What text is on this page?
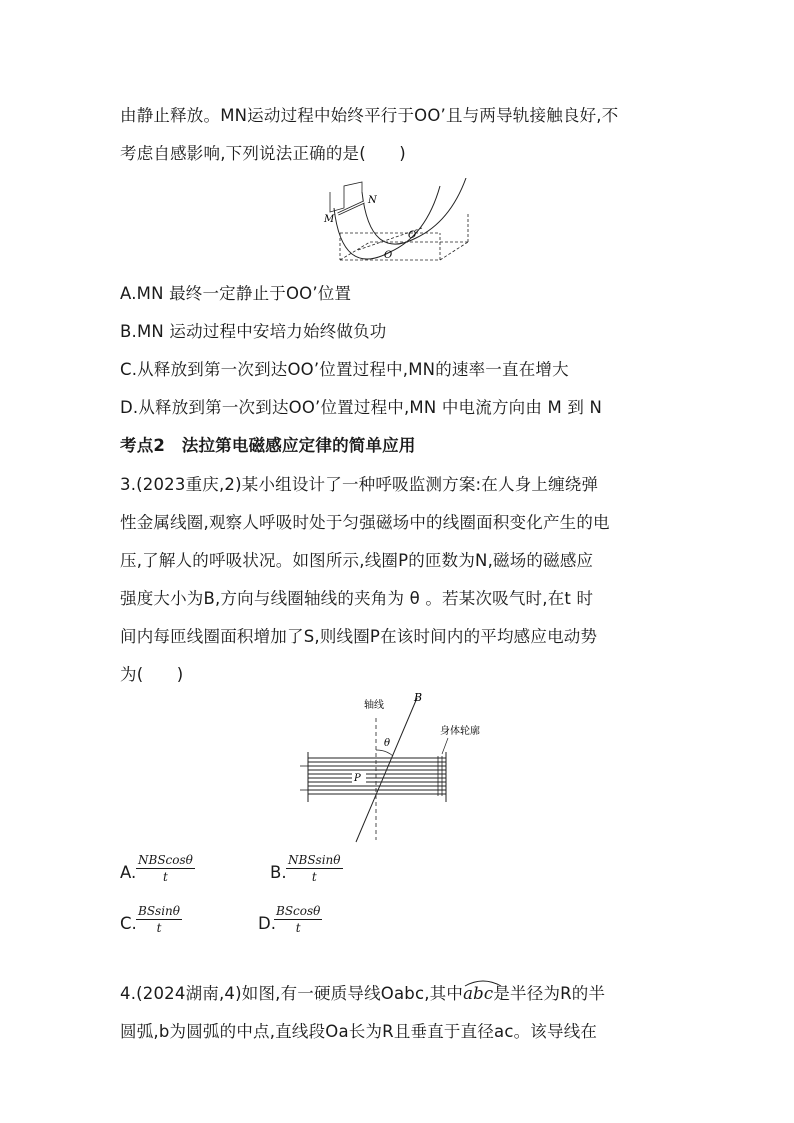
由静止释放。MN运动过程中始终平行于OO’且与两导轨接触良好,不
考虑自感影响,下列说法正确的是(　　)
M
N
O′
O
A.MN 最终一定静止于OO’位置
B.MN 运动过程中安培力始终做负功
C.从释放到第一次到达OO’位置过程中,MN的速率一直在增大
D.从释放到第一次到达OO’位置过程中,MN 中电流方向由 M 到 N
考点2　法拉第电磁感应定律的简单应用
3.(2023重庆,2)某小组设计了一种呼吸监测方案:在人身上缠绕弹
性金属线圈,观察人呼吸时处于匀强磁场中的线圈面积变化产生的电
压,了解人的呼吸状况。如图所示,线圈P的匝数为N,磁场的磁感应
强度大小为B,方向与线圈轴线的夹角为 θ 。若某次吸气时,在t 时
间内每匝线圈面积增加了S,则线圈P在该时间内的平均感应电动势
为(　　)
轴线
B
θ
身体轮廓
P
A.
NBScosθ
t	B.
NBSsinθ
t
C. $\frac{BSsin\theta}{t}$	D.
$\frac{BScos\theta}{t}$
4.(2024湖南,4)如图,有一硬质导线Oabc,其中
abc是半径为R的半
圆弧,b为圆弧的中点,直线段Oa长为R且垂直于直径ac。该导线在
